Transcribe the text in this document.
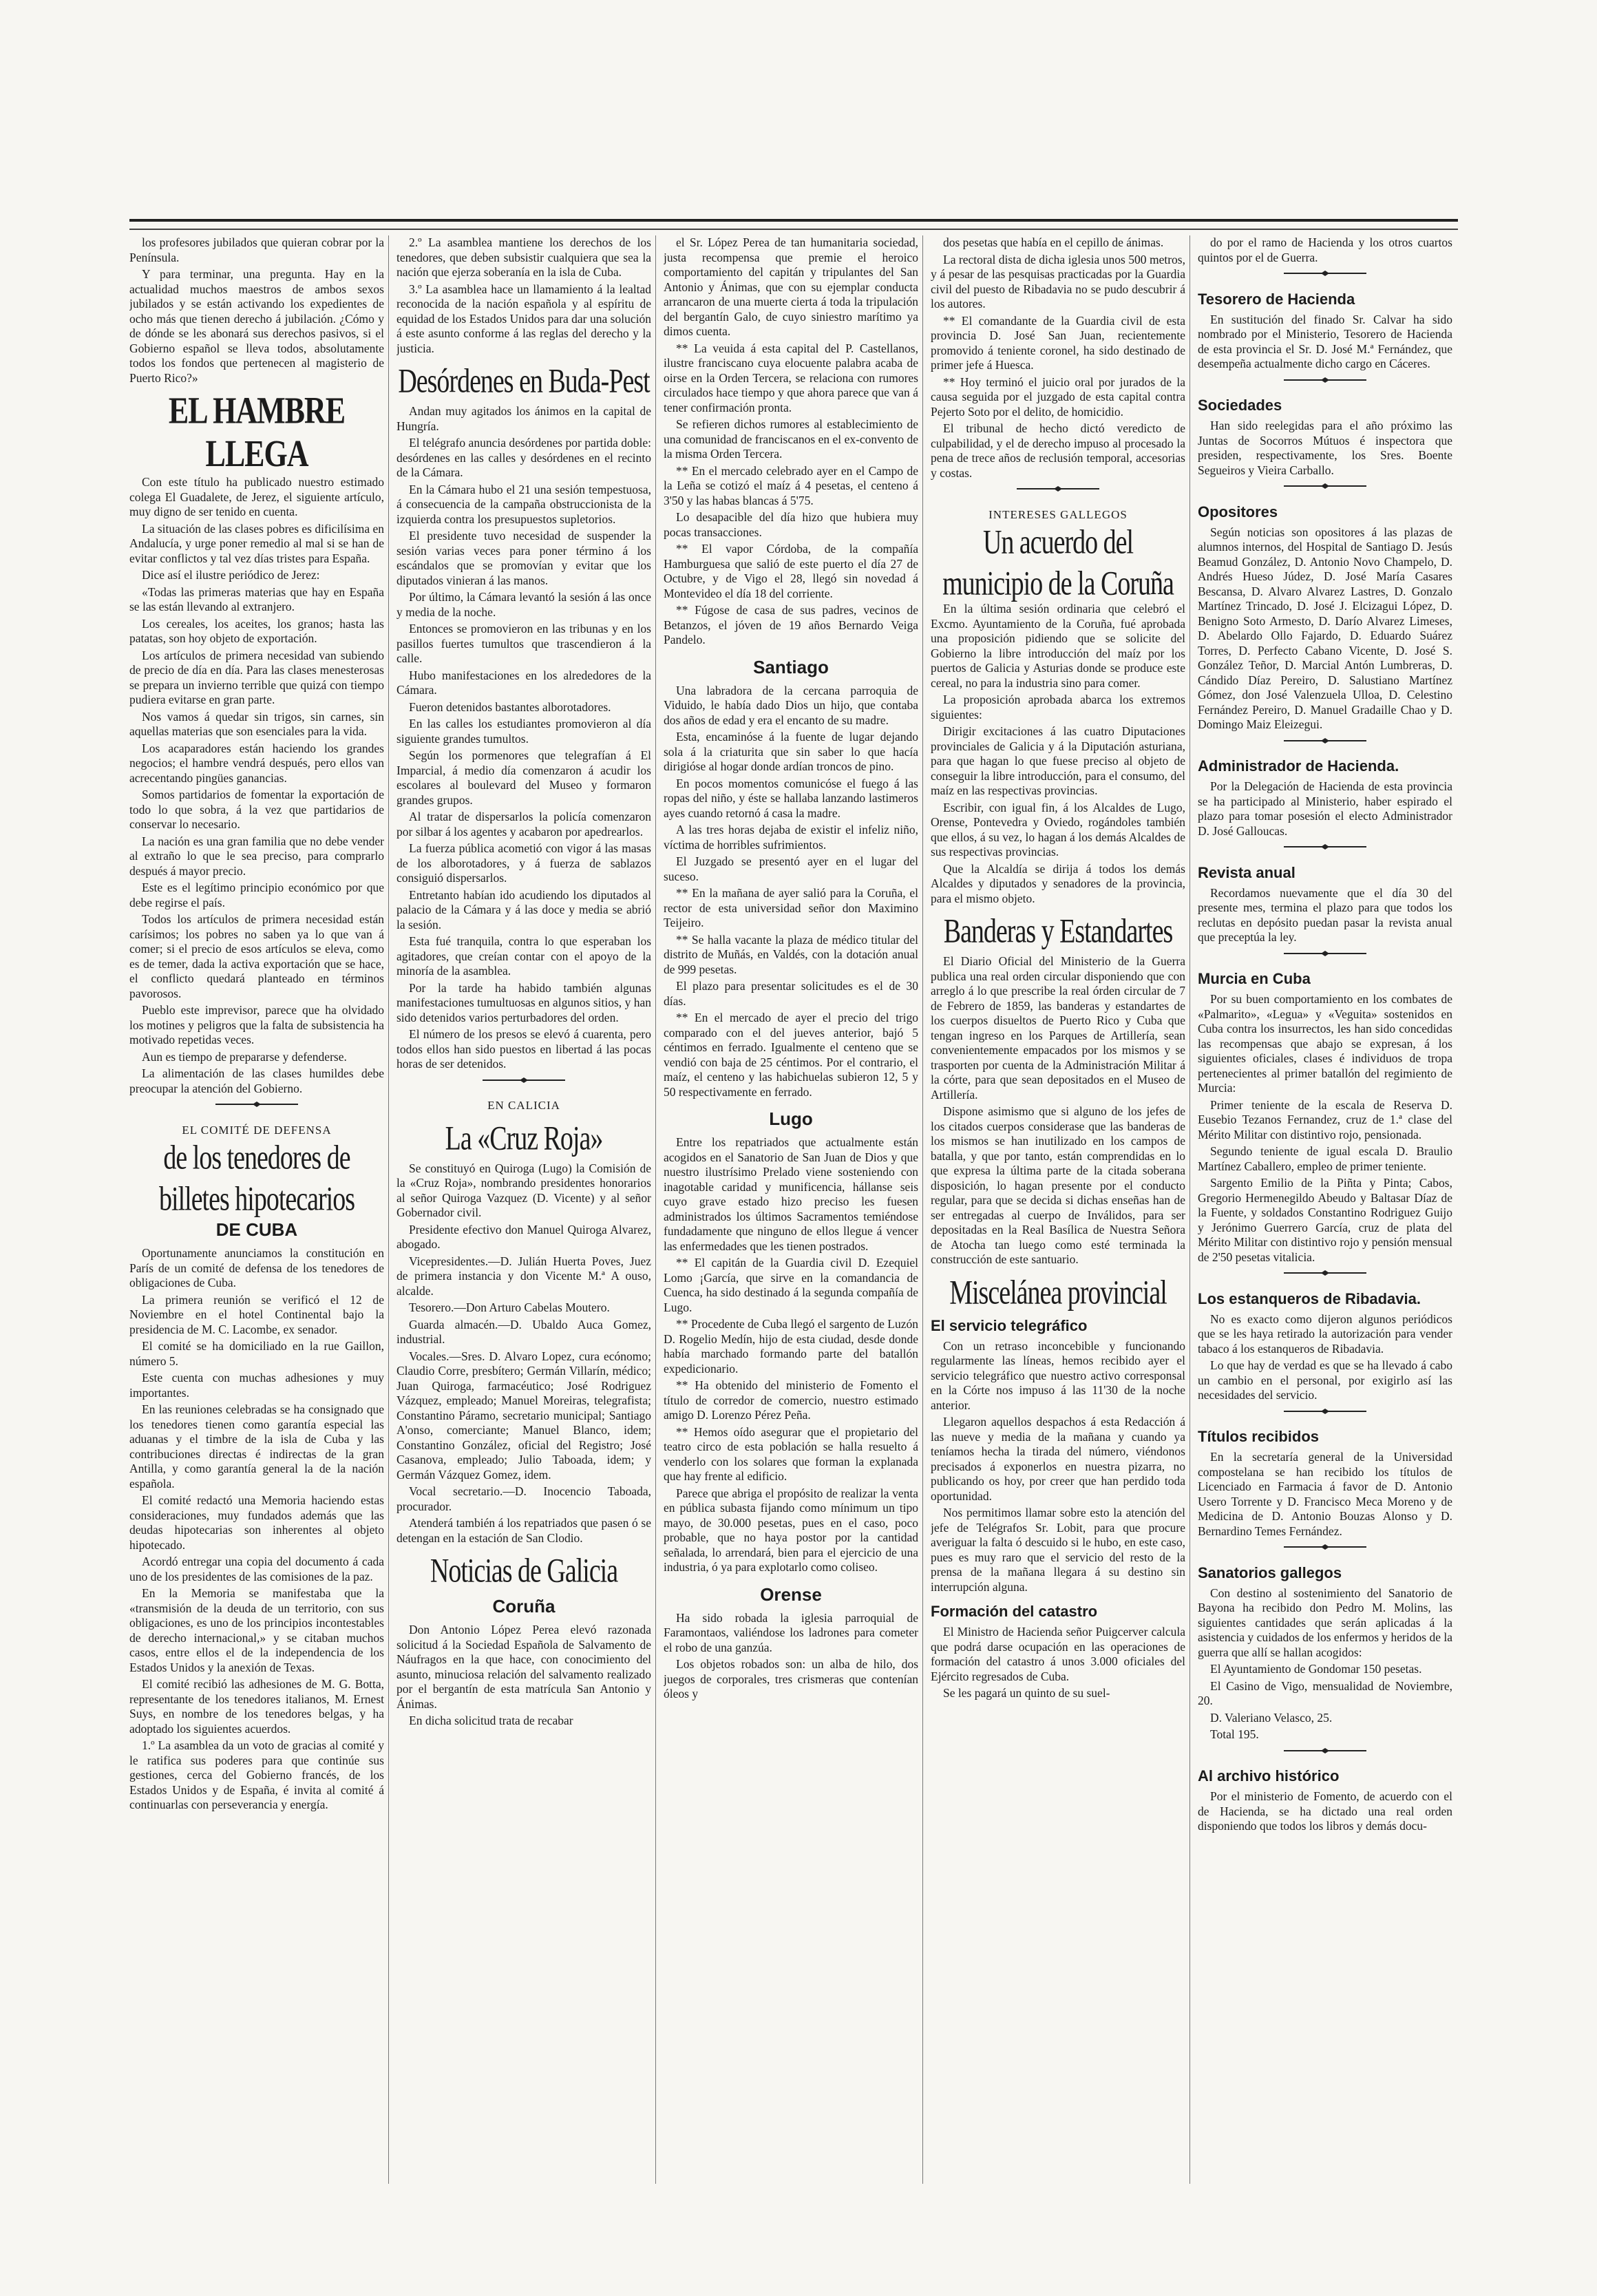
los profesores jubilados que quieran cobrar por la Península.

Y para terminar, una pregunta. Hay en la actualidad muchos maestros de ambos sexos jubilados y se están activando los expedientes de ocho más que tienen derecho á jubilación. ¿Cómo y de dónde se les abonará sus derechos pasivos, si el Gobierno español se lleva todos, absolutamente todos los fondos que pertenecen al magisterio de Puerto Rico?»

EL HAMBRE LLEGA

Con este título ha publicado nuestro estimado colega El Guadalete, de Jerez, el siguiente artículo, muy digno de ser tenido en cuenta.

La situación de las clases pobres es dificilísima en Andalucía, y urge poner remedio al mal si se han de evitar conflictos y tal vez días tristes para España.

Dice así el ilustre periódico de Jerez:

«Todas las primeras materias que hay en España se las están llevando al extranjero.

Los cereales, los aceites, los granos; hasta las patatas, son hoy objeto de exportación.

Los artículos de primera necesidad van subiendo de precio de día en día. Para las clases menesterosas se prepara un invierno terrible que quizá con tiempo pudiera evitarse en gran parte.

Nos vamos á quedar sin trigos, sin carnes, sin aquellas materias que son esenciales para la vida.

Los acaparadores están haciendo los grandes negocios; el hambre vendrá después, pero ellos van acrecentando pingües ganancias.

Somos partidarios de fomentar la exportación de todo lo que sobra, á la vez que partidarios de conservar lo necesario.

La nación es una gran familia que no debe vender al extraño lo que le sea preciso, para comprarlo después á mayor precio.

Este es el legítimo principio económico por que debe regirse el país.

Todos los artículos de primera necesidad están carísimos; los pobres no saben ya lo que van á comer; si el precio de esos artículos se eleva, como es de temer, dada la activa exportación que se hace, el conflicto quedará planteado en términos pavorosos.

Pueblo este imprevisor, parece que ha olvidado los motines y peligros que la falta de subsistencia ha motivado repetidas veces.

Aun es tiempo de prepararse y defenderse.

La alimentación de las clases humildes debe preocupar la atención del Gobierno.

EL COMITÉ DE DEFENSA
de los tenedores de billetes hipotecarios
DE CUBA

Oportunamente anunciamos la constitución en París de un comité de defensa de los tenedores de obligaciones de Cuba.

La primera reunión se verificó el 12 de Noviembre en el hotel Continental bajo la presidencia de M. C. Lacombe, ex senador.

El comité se ha domiciliado en la rue Gaillon, número 5.

Este cuenta con muchas adhesiones y muy importantes.

En las reuniones celebradas se ha consignado que los tenedores tienen como garantía especial las aduanas y el timbre de la isla de Cuba y las contribuciones directas é indirectas de la gran Antilla, y como garantía general la de la nación española.

El comité redactó una Memoria haciendo estas consideraciones, muy fundados además que las deudas hipotecarias son inherentes al objeto hipotecado.

Acordó entregar una copia del documento á cada uno de los presidentes de las comisiones de la paz.

En la Memoria se manifestaba que la «transmisión de la deuda de un territorio, con sus obligaciones, es uno de los principios incontestables de derecho internacional,» y se citaban muchos casos, entre ellos el de la independencia de los Estados Unidos y la anexión de Texas.

El comité recibió las adhesiones de M. G. Botta, representante de los tenedores italianos, M. Ernest Suys, en nombre de los tenedores belgas, y ha adoptado los siguientes acuerdos.

1.º La asamblea da un voto de gracias al comité y le ratifica sus poderes para que continúe sus gestiones, cerca del Gobierno francés, de los Estados Unidos y de España, é invita al comité á continuarlas con perseverancia y energía.

2.º La asamblea mantiene los derechos de los tenedores, que deben subsistir cualquiera que sea la nación que ejerza soberanía en la isla de Cuba.

3.º La asamblea hace un llamamiento á la lealtad reconocida de la nación española y al espíritu de equidad de los Estados Unidos para dar una solución á este asunto conforme á las reglas del derecho y la justicia.

Desórdenes en Buda-Pest

Andan muy agitados los ánimos en la capital de Hungría.

El telégrafo anuncia desórdenes por partida doble: desórdenes en las calles y desórdenes en el recinto de la Cámara.

En la Cámara hubo el 21 una sesión tempestuosa, á consecuencia de la campaña obstruccionista de la izquierda contra los presupuestos supletorios.

El presidente tuvo necesidad de suspender la sesión varias veces para poner término á los escándalos que se promovían y evitar que los diputados vinieran á las manos.

Por último, la Cámara levantó la sesión á las once y media de la noche.

Entonces se promovieron en las tribunas y en los pasillos fuertes tumultos que trascendieron á la calle.

Hubo manifestaciones en los alrededores de la Cámara.

Fueron detenidos bastantes alborotadores.

En las calles los estudiantes promovieron al día siguiente grandes tumultos.

Según los pormenores que telegrafían á El Imparcial, á medio día comenzaron á acudir los escolares al boulevard del Museo y formaron grandes grupos.

Al tratar de dispersarlos la policía comenzaron por silbar á los agentes y acabaron por apedrearlos.

La fuerza pública acometió con vigor á las masas de los alborotadores, y á fuerza de sablazos consiguió dispersarlos.

Entretanto habían ido acudiendo los diputados al palacio de la Cámara y á las doce y media se abrió la sesión.

Esta fué tranquila, contra lo que esperaban los agitadores, que creían contar con el apoyo de la minoría de la asamblea.

Por la tarde ha habido también algunas manifestaciones tumultuosas en algunos sitios, y han sido detenidos varios perturbadores del orden.

El número de los presos se elevó á cuarenta, pero todos ellos han sido puestos en libertad á las pocas horas de ser detenidos.

EN CALICIA
La «Cruz Roja»

Se constituyó en Quiroga (Lugo) la Comisión de la «Cruz Roja», nombrando presidentes honorarios al señor Quiroga Vazquez (D. Vicente) y al señor Gobernador civil.

Presidente efectivo don Manuel Quiroga Alvarez, abogado.

Vicepresidentes.—D. Julián Huerta Poves, Juez de primera instancia y don Vicente M.ª A ouso, alcalde.

Tesorero.—Don Arturo Cabelas Moutero.

Guarda almacén.—D. Ubaldo Auca Gomez, industrial.

Vocales.—Sres. D. Alvaro Lopez, cura ecónomo; Claudio Corre, presbítero; Germán Villarín, médico; Juan Quiroga, farmacéutico; José Rodriguez Vázquez, empleado; Manuel Moreiras, telegrafista; Constantino Páramo, secretario municipal; Santiago A'onso, comerciante; Manuel Blanco, idem; Constantino González, oficial del Registro; José Casanova, empleado; Julio Taboada, idem; y Germán Vázquez Gomez, idem.

Vocal secretario.—D. Inocencio Taboada, procurador.

Atenderá también á los repatriados que pasen ó se detengan en la estación de San Clodio.

Noticias de Galicia
Coruña

Don Antonio López Perea elevó razonada solicitud á la Sociedad Española de Salvamento de Náufragos en la que hace, con conocimiento del asunto, minuciosa relación del salvamento realizado por el bergantín de esta matrícula San Antonio y Ánimas.

En dicha solicitud trata de recabar

el Sr. López Perea de tan humanitaria sociedad, justa recompensa que premie el heroico comportamiento del capitán y tripulantes del San Antonio y Ánimas, que con su ejemplar conducta arrancaron de una muerte cierta á toda la tripulación del bergantín Galo, de cuyo siniestro marítimo ya dimos cuenta.

** La veuida á esta capital del P. Castellanos, ilustre franciscano cuya elocuente palabra acaba de oirse en la Orden Tercera, se relaciona con rumores circulados hace tiempo y que ahora parece que van á tener confirmación pronta.

Se refieren dichos rumores al establecimiento de una comunidad de franciscanos en el ex-convento de la misma Orden Tercera.

** En el mercado celebrado ayer en el Campo de la Leña se cotizó el maíz á 4 pesetas, el centeno á 3'50 y las habas blancas á 5'75.

Lo desapacible del día hizo que hubiera muy pocas transacciones.

** El vapor Córdoba, de la compañía Hamburguesa que salió de este puerto el día 27 de Octubre, y de Vigo el 28, llegó sin novedad á Montevideo el día 18 del corriente.

** Fúgose de casa de sus padres, vecinos de Betanzos, el jóven de 19 años Bernardo Veiga Pandelo.

Santiago

Una labradora de la cercana parroquia de Viduido, le había dado Dios un hijo, que contaba dos años de edad y era el encanto de su madre.

Esta, encaminóse á la fuente de lugar dejando sola á la criaturita que sin saber lo que hacía dirigióse al hogar donde ardían troncos de pino.

En pocos momentos comunicóse el fuego á las ropas del niño, y éste se hallaba lanzando lastimeros ayes cuando retornó á casa la madre.

A las tres horas dejaba de existir el infeliz niño, víctima de horribles sufrimientos.

El Juzgado se presentó ayer en el lugar del suceso.

** En la mañana de ayer salió para la Coruña, el rector de esta universidad señor don Maximino Teijeiro.

** Se halla vacante la plaza de médico titular del distrito de Muñás, en Valdés, con la dotación anual de 999 pesetas.

El plazo para presentar solicitudes es el de 30 días.

** En el mercado de ayer el precio del trigo comparado con el del jueves anterior, bajó 5 céntimos en ferrado. Igualmente el centeno que se vendió con baja de 25 céntimos. Por el contrario, el maíz, el centeno y las habichuelas subieron 12, 5 y 50 respectivamente en ferrado.

Lugo

Entre los repatriados que actualmente están acogidos en el Sanatorio de San Juan de Dios y que nuestro ilustrísimo Prelado viene sosteniendo con inagotable caridad y munificencia, hállanse seis cuyo grave estado hizo preciso les fuesen administrados los últimos Sacramentos temiéndose fundadamente que ninguno de ellos llegue á vencer las enfermedades que les tienen postrados.

** El capitán de la Guardia civil D. Ezequiel Lomo ¡García, que sirve en la comandancia de Cuenca, ha sido destinado á la segunda compañía de Lugo.

** Procedente de Cuba llegó el sargento de Luzón D. Rogelio Medín, hijo de esta ciudad, desde donde había marchado formando parte del batallón expedicionario.

** Ha obtenido del ministerio de Fomento el título de corredor de comercio, nuestro estimado amigo D. Lorenzo Pérez Peña.

** Hemos oído asegurar que el propietario del teatro circo de esta población se halla resuelto á venderlo con los solares que forman la explanada que hay frente al edificio.

Parece que abriga el propósito de realizar la venta en pública subasta fijando como mínimum un tipo mayo, de 30.000 pesetas, pues en el caso, poco probable, que no haya postor por la cantidad señalada, lo arrendará, bien para el ejercicio de una industria, ó ya para explotarlo como coliseo.

Orense

Ha sido robada la iglesia parroquial de Faramontaos, valiéndose los ladrones para cometer el robo de una ganzúa.

Los objetos robados son: un alba de hilo, dos juegos de corporales, tres crismeras que contenían óleos y

dos pesetas que había en el cepillo de ánimas.

La rectoral dista de dicha iglesia unos 500 metros, y á pesar de las pesquisas practicadas por la Guardia civil del puesto de Ribadavia no se pudo descubrir á los autores.

** El comandante de la Guardia civil de esta provincia D. José San Juan, recientemente promovido á teniente coronel, ha sido destinado de primer jefe á Huesca.

** Hoy terminó el juicio oral por jurados de la causa seguida por el juzgado de esta capital contra Pejerto Soto por el delito, de homicidio.

El tribunal de hecho dictó veredicto de culpabilidad, y el de derecho impuso al procesado la pena de trece años de reclusión temporal, accesorias y costas.

INTERESES GALLEGOS
Un acuerdo del municipio de la Coruña

En la última sesión ordinaria que celebró el Excmo. Ayuntamiento de la Coruña, fué aprobada una proposición pidiendo que se solicite del Gobierno la libre introducción del maíz por los puertos de Galicia y Asturias donde se produce este cereal, no para la industria sino para comer.

La proposición aprobada abarca los extremos siguientes:

Dirigir excitaciones á las cuatro Diputaciones provinciales de Galicia y á la Diputación asturiana, para que hagan lo que fuese preciso al objeto de conseguir la libre introducción, para el consumo, del maíz en las respectivas provincias.

Escribir, con igual fin, á los Alcaldes de Lugo, Orense, Pontevedra y Oviedo, rogándoles también que ellos, á su vez, lo hagan á los demás Alcaldes de sus respectivas provincias.

Que la Alcaldía se dirija á todos los demás Alcaldes y diputados y senadores de la provincia, para el mismo objeto.

Banderas y Estandartes

El Diario Oficial del Ministerio de la Guerra publica una real orden circular disponiendo que con arreglo á lo que prescribe la real órden circular de 7 de Febrero de 1859, las banderas y estandartes de los cuerpos disueltos de Puerto Rico y Cuba que tengan ingreso en los Parques de Artillería, sean convenientemente empacados por los mismos y se trasporten por cuenta de la Administración Militar á la córte, para que sean depositados en el Museo de Artillería.

Dispone asimismo que si alguno de los jefes de los citados cuerpos considerase que las banderas de los mismos se han inutilizado en los campos de batalla, y que por tanto, están comprendidas en lo que expresa la última parte de la citada soberana disposición, lo hagan presente por el conducto regular, para que se decida si dichas enseñas han de ser entregadas al cuerpo de Inválidos, para ser depositadas en la Real Basílica de Nuestra Señora de Atocha tan luego como esté terminada la construcción de este santuario.

Miscelánea provincial
El servicio telegráfico

Con un retraso inconcebible y funcionando regularmente las líneas, hemos recibido ayer el servicio telegráfico que nuestro activo corresponsal en la Córte nos impuso á las 11'30 de la noche anterior.

Llegaron aquellos despachos á esta Redacción á las nueve y media de la mañana y cuando ya teníamos hecha la tirada del número, viéndonos precisados á exponerlos en nuestra pizarra, no publicando os hoy, por creer que han perdido toda oportunidad.

Nos permitimos llamar sobre esto la atención del jefe de Telégrafos Sr. Lobit, para que procure averiguar la falta ó descuido si le hubo, en este caso, pues es muy raro que el servicio del resto de la prensa de la mañana llegara á su destino sin interrupción alguna.

Formación del catastro

El Ministro de Hacienda señor Puigcerver calcula que podrá darse ocupación en las operaciones de formación del catastro á unos 3.000 oficiales del Ejército regresados de Cuba.

Se les pagará un quinto de su suel-

do por el ramo de Hacienda y los otros cuartos quintos por el de Guerra.

Tesorero de Hacienda

En sustitución del finado Sr. Calvar ha sido nombrado por el Ministerio, Tesorero de Hacienda de esta provincia el Sr. D. José M.ª Fernández, que desempeña actualmente dicho cargo en Cáceres.

Sociedades

Han sido reelegidas para el año próximo las Juntas de Socorros Mútuos é inspectora que presiden, respectivamente, los Sres. Boente Segueiros y Vieira Carballo.

Opositores

Según noticias son opositores á las plazas de alumnos internos, del Hospital de Santiago D. Jesús Beamud González, D. Antonio Novo Champelo, D. Andrés Hueso Júdez, D. José María Casares Bescansa, D. Alvaro Alvarez Lastres, D. Gonzalo Martínez Trincado, D. José J. Elcizagui López, D. Benigno Soto Armesto, D. Darío Alvarez Limeses, D. Abelardo Ollo Fajardo, D. Eduardo Suárez Torres, D. Perfecto Cabano Vicente, D. José S. González Teñor, D. Marcial Antón Lumbreras, D. Cándido Díaz Pereiro, D. Salustiano Martínez Gómez, don José Valenzuela Ulloa, D. Celestino Fernández Pereiro, D. Manuel Gradaille Chao y D. Domingo Maiz Eleizegui.

Administrador de Hacienda.

Por la Delegación de Hacienda de esta provincia se ha participado al Ministerio, haber espirado el plazo para tomar posesión el electo Administrador D. José Galloucas.

Revista anual

Recordamos nuevamente que el día 30 del presente mes, termina el plazo para que todos los reclutas en depósito puedan pasar la revista anual que preceptúa la ley.

Murcia en Cuba

Por su buen comportamiento en los combates de «Palmarito», «Legua» y «Veguita» sostenidos en Cuba contra los insurrectos, les han sido concedidas las recompensas que abajo se expresan, á los siguientes oficiales, clases é individuos de tropa pertenecientes al primer batallón del regimiento de Murcia:

Primer teniente de la escala de Reserva D. Eusebio Tezanos Fernandez, cruz de 1.ª clase del Mérito Militar con distintivo rojo, pensionada.

Segundo teniente de igual escala D. Braulio Martínez Caballero, empleo de primer teniente.

Sargento Emilio de la Piñta y Pinta; Cabos, Gregorio Hermenegildo Abeudo y Baltasar Díaz de la Fuente, y soldados Constantino Rodriguez Guijo y Jerónimo Guerrero García, cruz de plata del Mérito Militar con distintivo rojo y pensión mensual de 2'50 pesetas vitalicia.

Los estanqueros de Ribadavia.

No es exacto como dijeron algunos periódicos que se les haya retirado la autorización para vender tabaco á los estanqueros de Ribadavia.

Lo que hay de verdad es que se ha llevado á cabo un cambio en el personal, por exigirlo así las necesidades del servicio.

Títulos recibidos

En la secretaría general de la Universidad compostelana se han recibido los títulos de Licenciado en Farmacia á favor de D. Antonio Usero Torrente y D. Francisco Meca Moreno y de Medicina de D. Antonio Bouzas Alonso y D. Bernardino Temes Fernández.

Sanatorios gallegos

Con destino al sostenimiento del Sanatorio de Bayona ha recibido don Pedro M. Molins, las siguientes cantidades que serán aplicadas á la asistencia y cuidados de los enfermos y heridos de la guerra que allí se hallan acogidos:

El Ayuntamiento de Gondomar 150 pesetas.

El Casino de Vigo, mensualidad de Noviembre, 20.

D. Valeriano Velasco, 25.

Total 195.

Al archivo histórico

Por el ministerio de Fomento, de acuerdo con el de Hacienda, se ha dictado una real orden disponiendo que todos los libros y demás docu-
